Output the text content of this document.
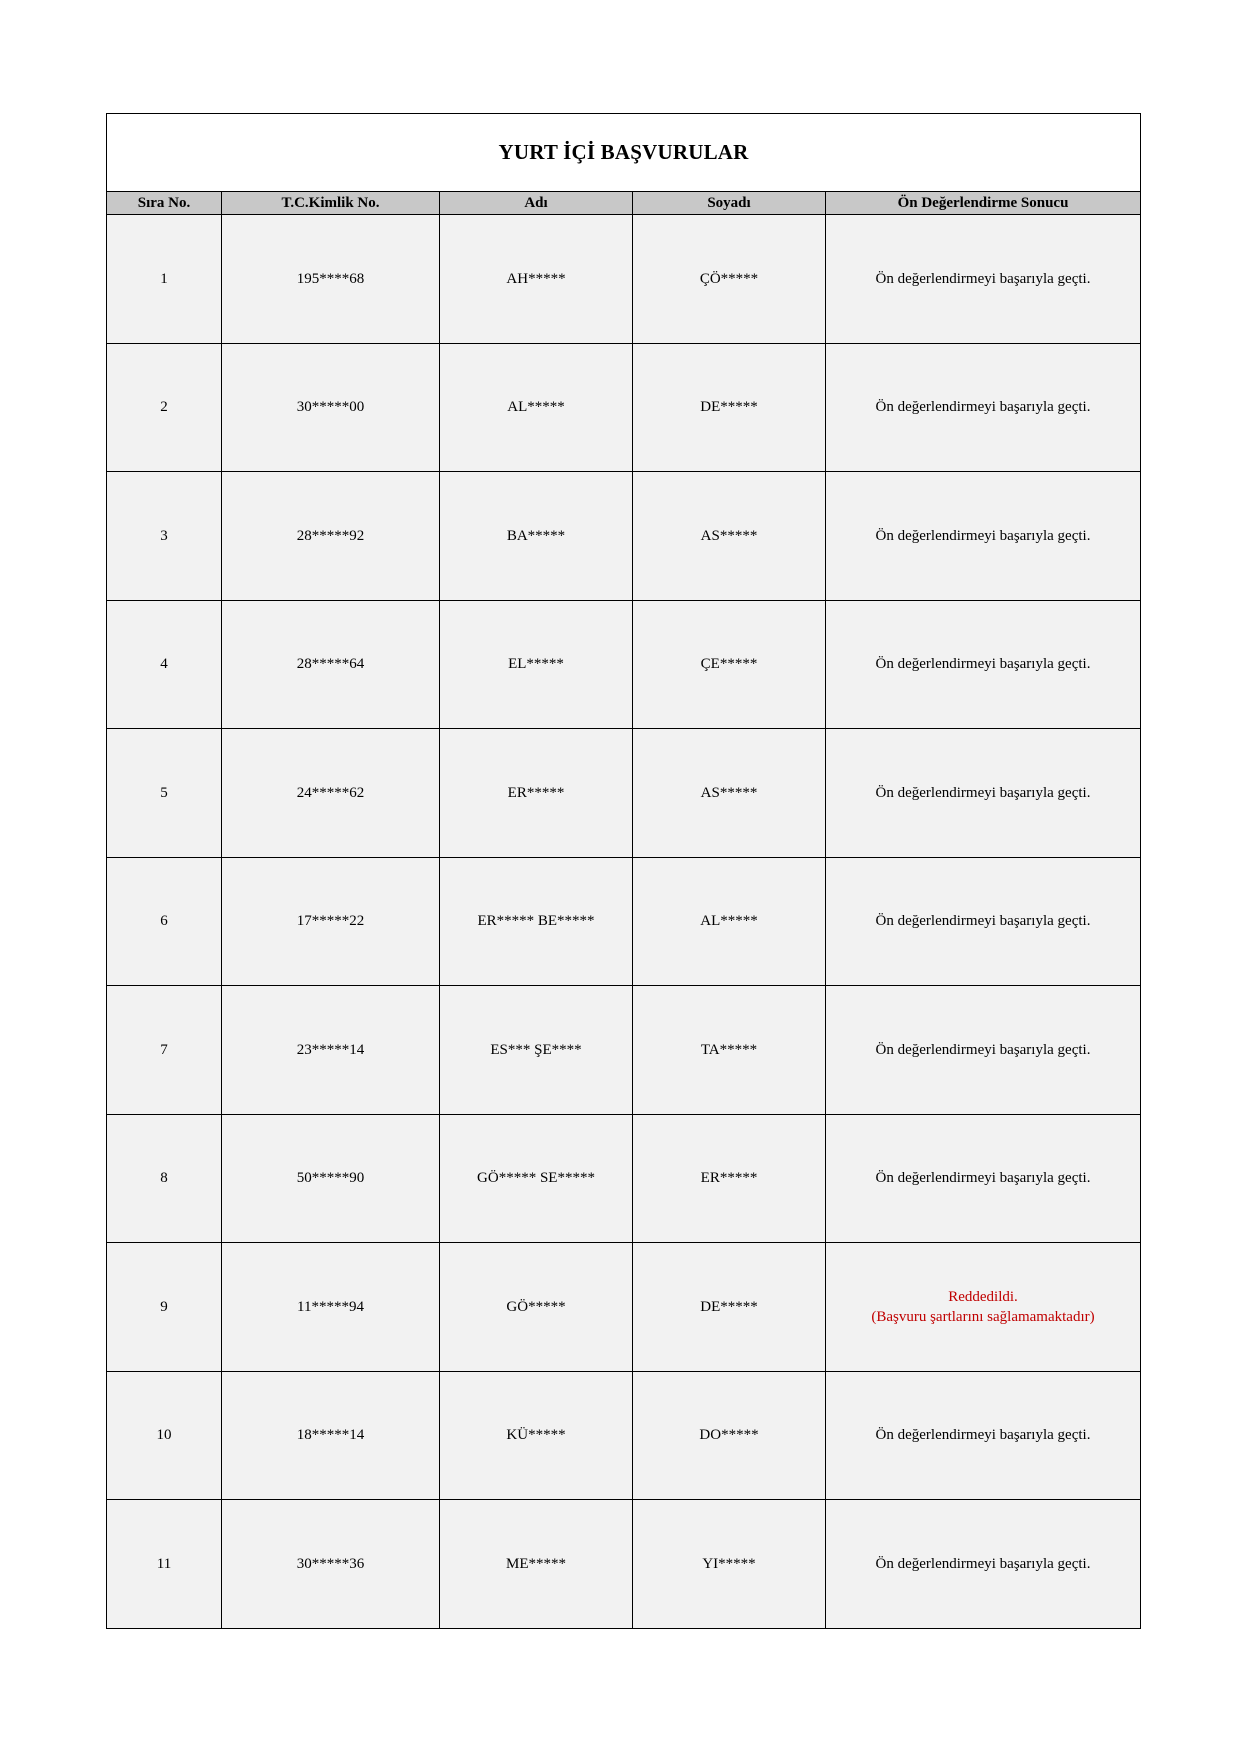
YURT İÇİ BAŞVURULAR
Sıra No.	T.C.Kimlik No.	Adı	Soyadı	Ön Değerlendirme Sonucu
1	195****68	AH*****	ÇÖ*****	Ön değerlendirmeyi başarıyla geçti.
2	30*****00	AL*****	DE*****	Ön değerlendirmeyi başarıyla geçti.
3	28*****92	BA*****	AS*****	Ön değerlendirmeyi başarıyla geçti.
4	28*****64	EL*****	ÇE*****	Ön değerlendirmeyi başarıyla geçti.
5	24*****62	ER*****	AS*****	Ön değerlendirmeyi başarıyla geçti.
6	17*****22	ER***** BE*****	AL*****	Ön değerlendirmeyi başarıyla geçti.
7	23*****14	ES*** ŞE****	TA*****	Ön değerlendirmeyi başarıyla geçti.
8	50*****90	GÖ***** SE*****	ER*****	Ön değerlendirmeyi başarıyla geçti.
9	11*****94	GÖ*****	DE*****
Reddedildi.
(Başvuru şartlarını sağlamamaktadır)
10	18*****14	KÜ*****	DO*****	Ön değerlendirmeyi başarıyla geçti.
11	30*****36	ME*****	YI*****	Ön değerlendirmeyi başarıyla geçti.
